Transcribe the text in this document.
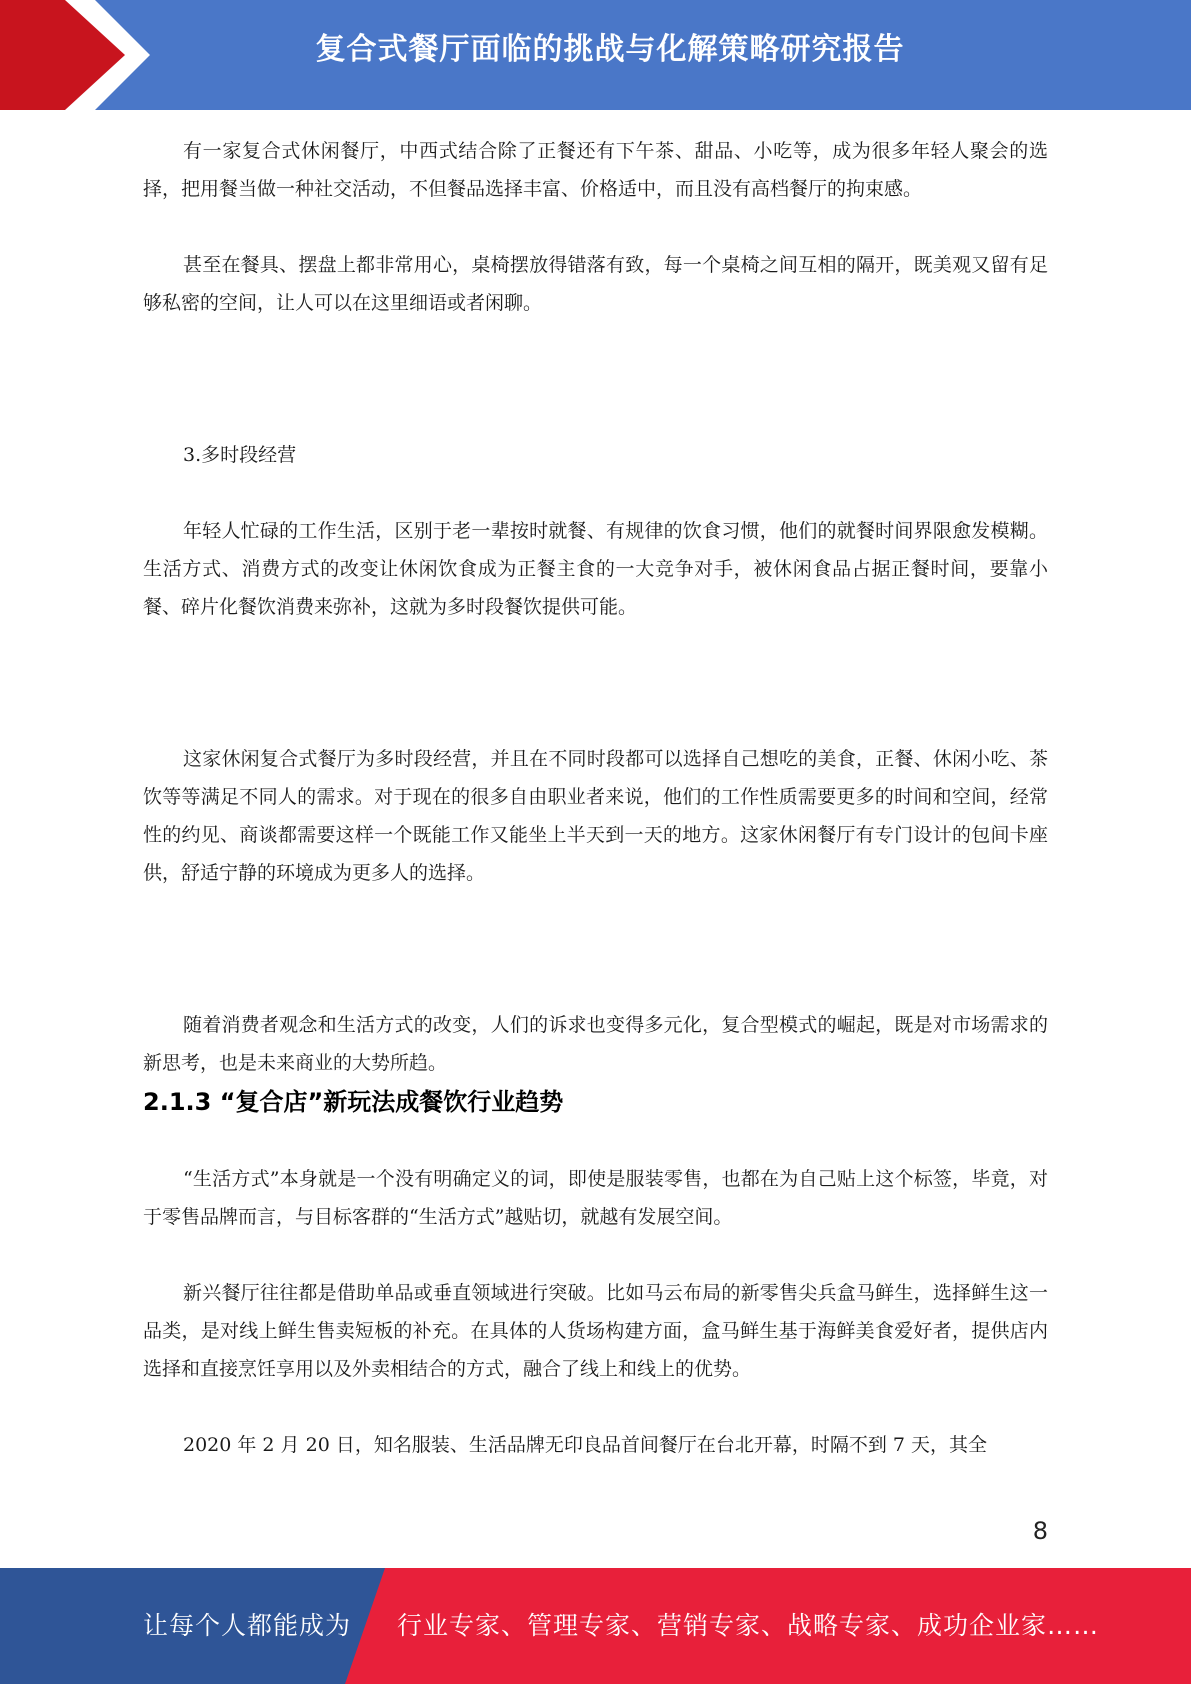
复合式餐厅面临的挑战与化解策略研究报告

有一家复合式休闲餐厅，中西式结合除了正餐还有下午茶、甜品、小吃等，成为很多年轻人聚会的选择，把用餐当做一种社交活动，不但餐品选择丰富、价格适中，而且没有高档餐厅的拘束感。

甚至在餐具、摆盘上都非常用心，桌椅摆放得错落有致，每一个桌椅之间互相的隔开，既美观又留有足够私密的空间，让人可以在这里细语或者闲聊。

3.多时段经营

年轻人忙碌的工作生活，区别于老一辈按时就餐、有规律的饮食习惯，他们的就餐时间界限愈发模糊。生活方式、消费方式的改变让休闲饮食成为正餐主食的一大竞争对手，被休闲食品占据正餐时间，要靠小餐、碎片化餐饮消费来弥补，这就为多时段餐饮提供可能。

这家休闲复合式餐厅为多时段经营，并且在不同时段都可以选择自己想吃的美食，正餐、休闲小吃、茶饮等等满足不同人的需求。对于现在的很多自由职业者来说，他们的工作性质需要更多的时间和空间，经常性的约见、商谈都需要这样一个既能工作又能坐上半天到一天的地方。这家休闲餐厅有专门设计的包间卡座供，舒适宁静的环境成为更多人的选择。

随着消费者观念和生活方式的改变，人们的诉求也变得多元化，复合型模式的崛起，既是对市场需求的新思考，也是未来商业的大势所趋。

2.1.3 “复合店”新玩法成餐饮行业趋势

“生活方式”本身就是一个没有明确定义的词，即使是服装零售，也都在为自己贴上这个标签，毕竟，对于零售品牌而言，与目标客群的“生活方式”越贴切，就越有发展空间。

新兴餐厅往往都是借助单品或垂直领域进行突破。比如马云布局的新零售尖兵盒马鲜生，选择鲜生这一品类，是对线上鲜生售卖短板的补充。在具体的人货场构建方面，盒马鲜生基于海鲜美食爱好者，提供店内选择和直接烹饪享用以及外卖相结合的方式，融合了线上和线上的优势。

2020 年 2 月 20 日，知名服装、生活品牌无印良品首间餐厅在台北开幕，时隔不到 7 天，其全

8
让每个人都能成为 行业专家、管理专家、营销专家、战略专家、成功企业家……
